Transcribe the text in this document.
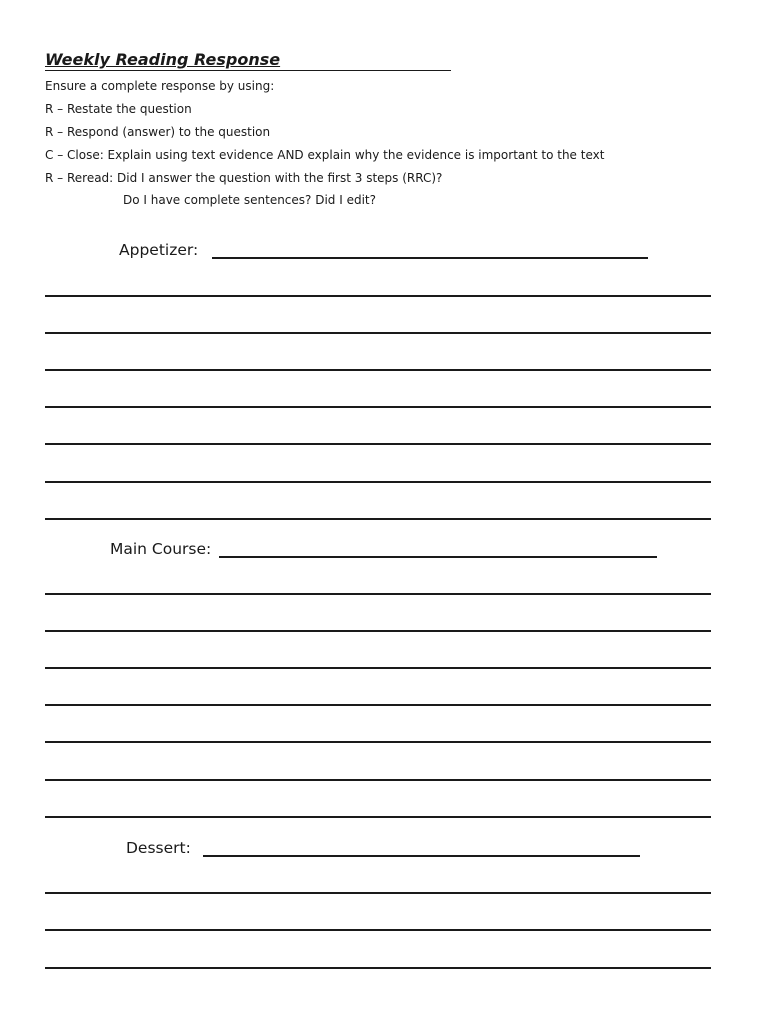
Weekly Reading Response
Ensure a complete response by using:
R – Restate the question
R – Respond (answer) to the question
C – Close: Explain using text evidence AND explain why the evidence is important to the text
R – Reread: Did I answer the question with the first 3 steps (RRC)?
Do I have complete sentences? Did I edit?
Appetizer:
Main Course:
Dessert:
